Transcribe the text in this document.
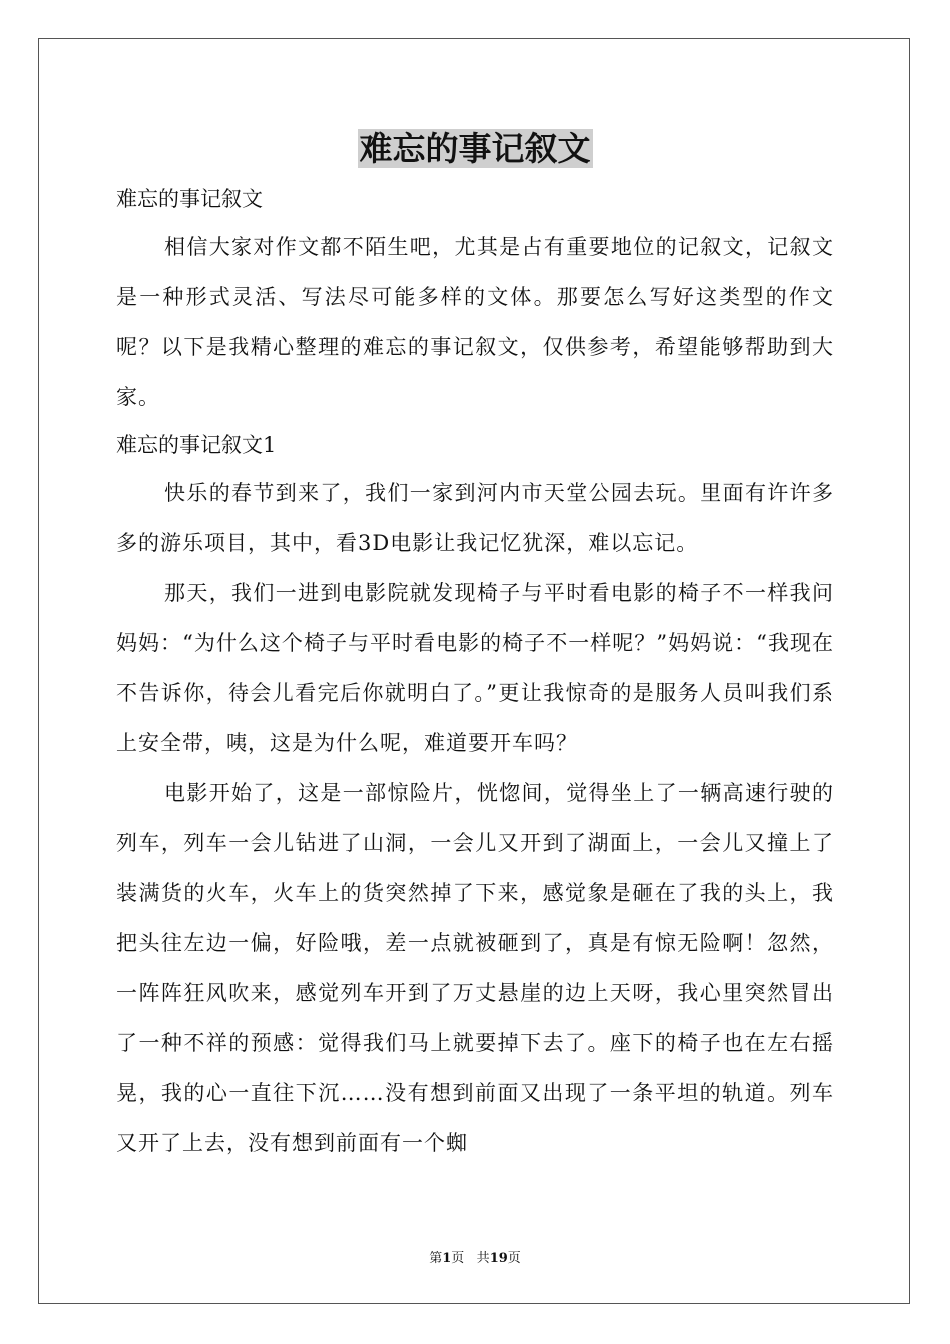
难忘的事记叙文

难忘的事记叙文

相信大家对作文都不陌生吧，尤其是占有重要地位的记叙文，记叙文是一种形式灵活、写法尽可能多样的文体。那要怎么写好这类型的作文呢？以下是我精心整理的难忘的事记叙文，仅供参考，希望能够帮助到大家。

难忘的事记叙文1

快乐的春节到来了，我们一家到河内市天堂公园去玩。里面有许许多多的游乐项目，其中，看3D电影让我记忆犹深，难以忘记。

那天，我们一进到电影院就发现椅子与平时看电影的椅子不一样我问妈妈：“为什么这个椅子与平时看电影的椅子不一样呢？”妈妈说：“我现在不告诉你，待会儿看完后你就明白了。”更让我惊奇的是服务人员叫我们系上安全带，咦，这是为什么呢，难道要开车吗？

电影开始了，这是一部惊险片，恍惚间，觉得坐上了一辆高速行驶的列车，列车一会儿钻进了山洞，一会儿又开到了湖面上，一会儿又撞上了装满货的火车，火车上的货突然掉了下来，感觉象是砸在了我的头上，我把头往左边一偏，好险哦，差一点就被砸到了，真是有惊无险啊！忽然，一阵阵狂风吹来，感觉列车开到了万丈悬崖的边上天呀，我心里突然冒出了一种不祥的预感：觉得我们马上就要掉下去了。座下的椅子也在左右摇晃，我的心一直往下沉……没有想到前面又出现了一条平坦的轨道。列车又开了上去，没有想到前面有一个蜘

第1页 共19页
